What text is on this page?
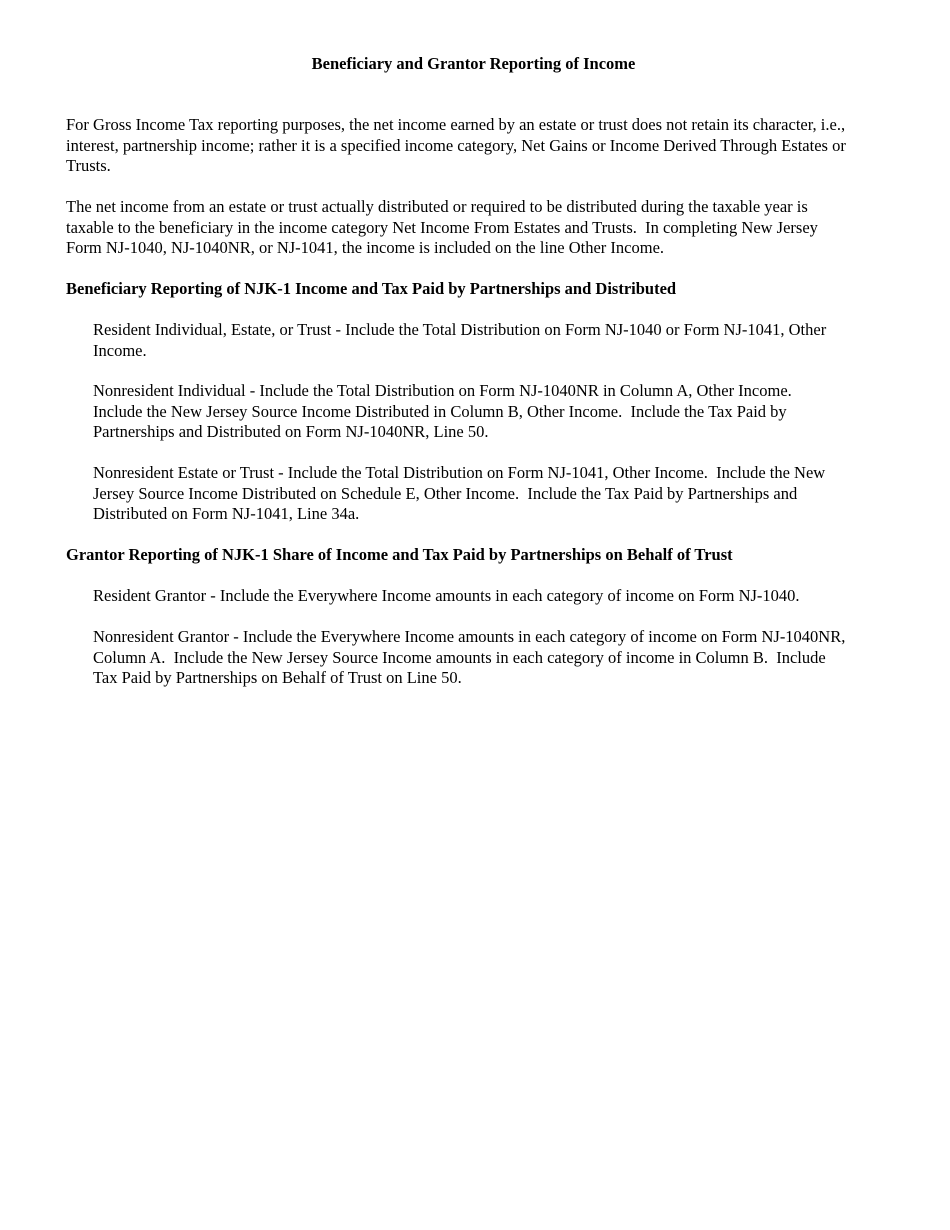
Beneficiary and Grantor Reporting of Income

For Gross Income Tax reporting purposes, the net income earned by an estate or trust does not retain its character, i.e.,
interest, partnership income; rather it is a specified income category, Net Gains or Income Derived Through Estates or
Trusts.

The net income from an estate or trust actually distributed or required to be distributed during the taxable year is
taxable to the beneficiary in the income category Net Income From Estates and Trusts.  In completing New Jersey
Form NJ-1040, NJ-1040NR, or NJ-1041, the income is included on the line Other Income.

Beneficiary Reporting of NJK-1 Income and Tax Paid by Partnerships and Distributed

Resident Individual, Estate, or Trust - Include the Total Distribution on Form NJ-1040 or Form NJ-1041, Other
Income.

Nonresident Individual - Include the Total Distribution on Form NJ-1040NR in Column A, Other Income.
Include the New Jersey Source Income Distributed in Column B, Other Income.  Include the Tax Paid by
Partnerships and Distributed on Form NJ-1040NR, Line 50.

Nonresident Estate or Trust - Include the Total Distribution on Form NJ-1041, Other Income.  Include the New
Jersey Source Income Distributed on Schedule E, Other Income.  Include the Tax Paid by Partnerships and
Distributed on Form NJ-1041, Line 34a.

Grantor Reporting of NJK-1 Share of Income and Tax Paid by Partnerships on Behalf of Trust

Resident Grantor - Include the Everywhere Income amounts in each category of income on Form NJ-1040.

Nonresident Grantor - Include the Everywhere Income amounts in each category of income on Form NJ-1040NR,
Column A.  Include the New Jersey Source Income amounts in each category of income in Column B.  Include
Tax Paid by Partnerships on Behalf of Trust on Line 50.
